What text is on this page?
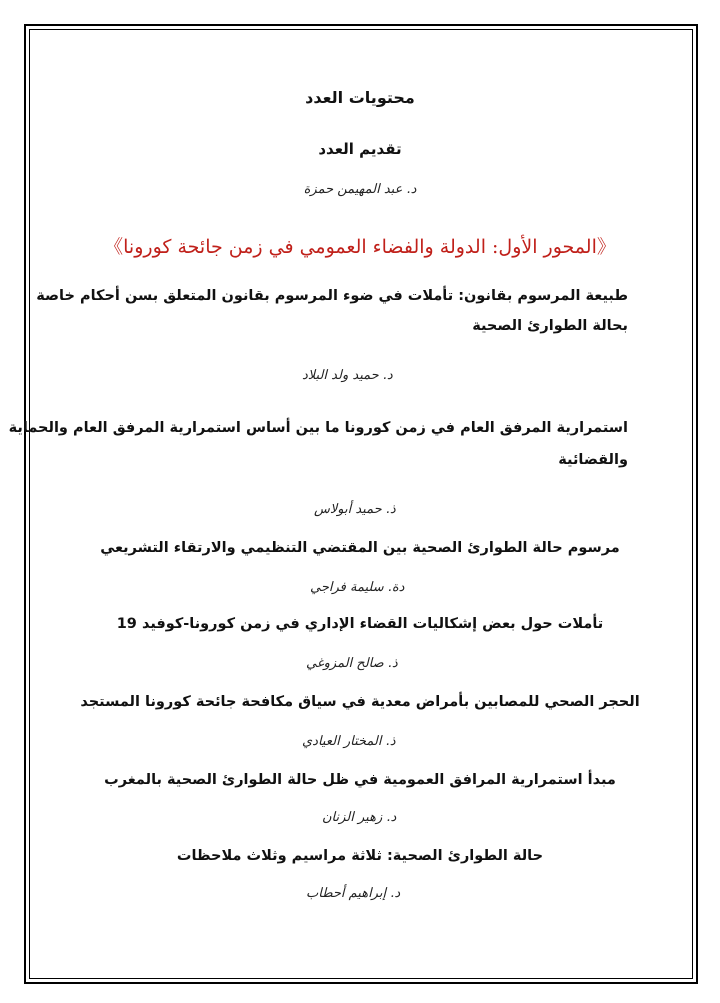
محتويات العدد
تقديم العدد
د. عبد المهيمن حمزة
《المحور الأول: الدولة والفضاء العمومي في زمن جائحة كورونا》
طبيعة المرسوم بقانون: تأملات في ضوء المرسوم بقانون المتعلق بسن أحكام خاصة
بحالة الطوارئ الصحية
د. حميد ولد البلاد
استمرارية المرفق العام في زمن كورونا ما بين أساس استمرارية المرفق العام والحماية
والقضائية
ذ. حميد أبولاس
مرسوم حالة الطوارئ الصحية بين المقتضي التنظيمي والارتقاء التشريعي
دة. سليمة فراجي
تأملات حول بعض إشكاليات القضاء الإداري في زمن كورونا-كوفيد 19
ذ. صالح المزوغي
الحجر الصحي للمصابين بأمراض معدية في سياق مكافحة جائحة كورونا المستجد
ذ. المختار العيادي
مبدأ استمرارية المرافق العمومية في ظل حالة الطوارئ الصحية بالمغرب
د. زهير الزنان
حالة الطوارئ الصحية: ثلاثة مراسيم وثلاث ملاحظات
د. إبراهيم أحطاب
